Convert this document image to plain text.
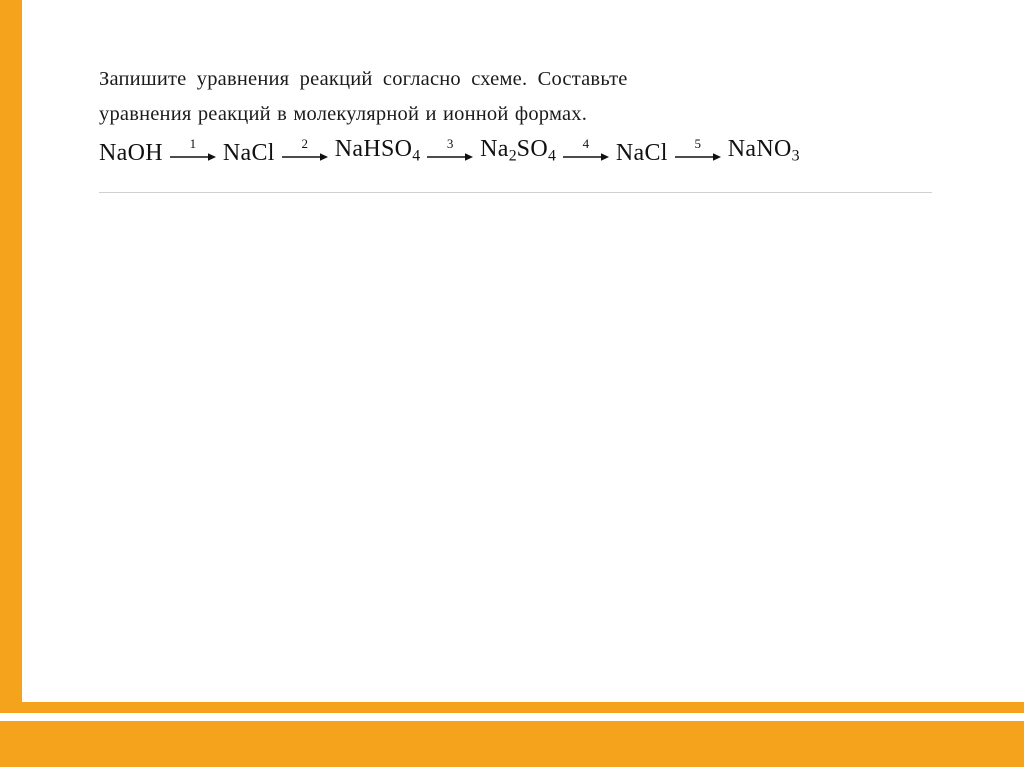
Запишите уравнения реакций согласно схеме. Составьте

уравнения реакций в молекулярной и ионной формах.

NaOH 1 NaCl 2 NaHSO$_4$
3 $Na_2SO_4$
4 NaCl 5 NaNO$_3$
